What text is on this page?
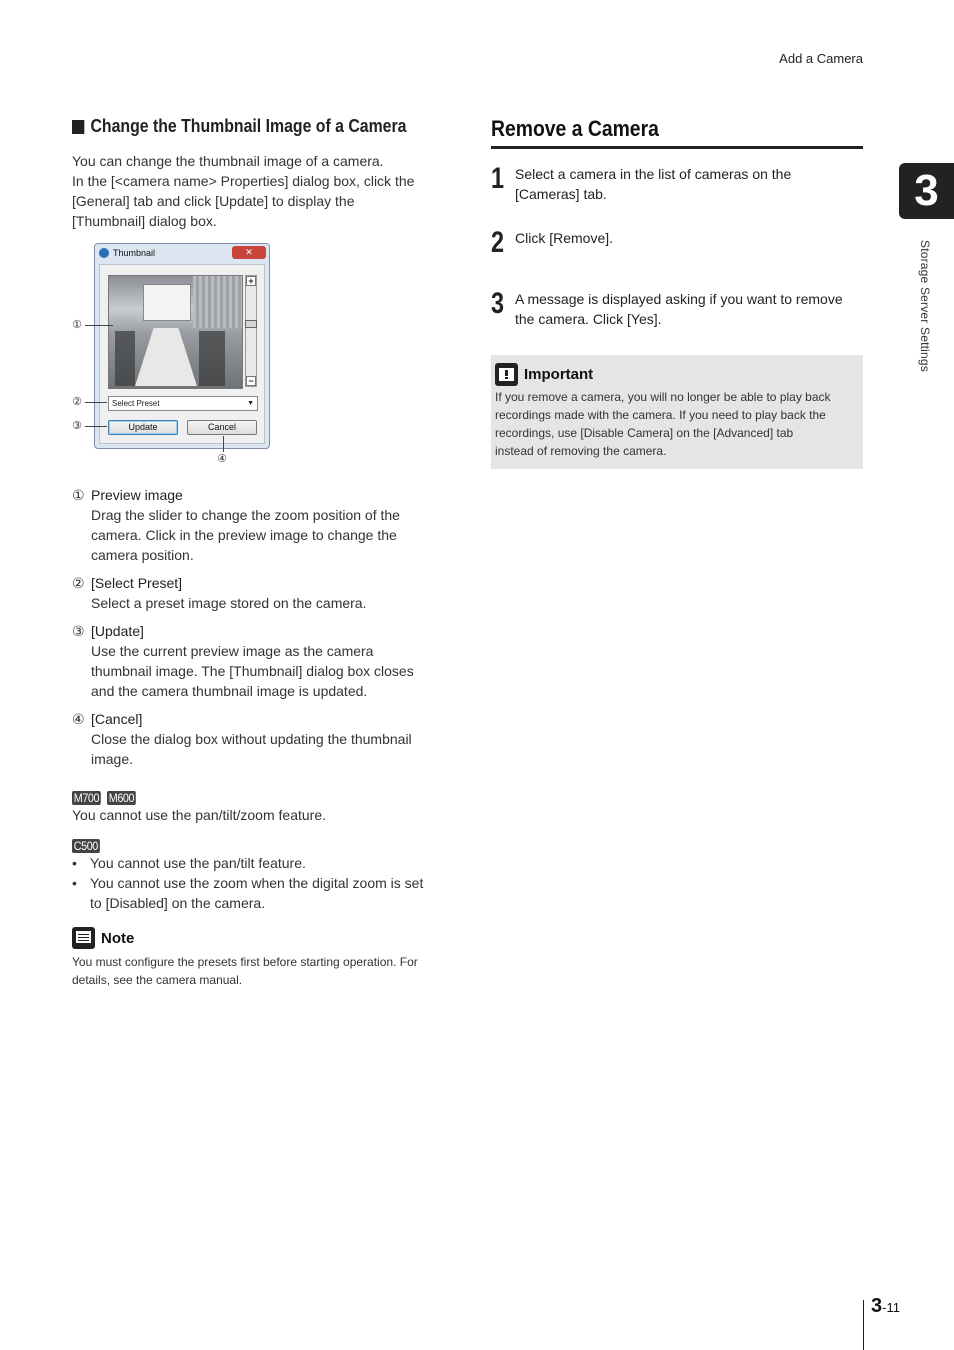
Add a Camera
3
Storage Server Settings
Change the Thumbnail Image of a Camera

You can change the thumbnail image of a camera.

In the [<camera name> Properties] dialog box, click the

[General] tab and click [Update] to display the

[Thumbnail] dialog box.

Thumbnail	✕
+
−
Select Preset	▼
Update	Cancel
①
②
③
④
① Preview image
Drag the slider to change the zoom position of the
camera. Click in the preview image to change the
camera position.
② [Select Preset]
Select a preset image stored on the camera.
③ [Update]
Use the current preview image as the camera
thumbnail image. The [Thumbnail] dialog box closes
and the camera thumbnail image is updated.
④ [Cancel]
Close the dialog box without updating the thumbnail
image.
M700 M600
You cannot use the pan/tilt/zoom feature.
C500
• You cannot use the pan/tilt feature.
• You cannot use the zoom when the digital zoom is set
to [Disabled] on the camera.
Note
You must configure the presets first before starting operation. For
details, see the camera manual.
Remove a Camera
1 Select a camera in the list of cameras on the
[Cameras] tab.
2 Click [Remove].
3 A message is displayed asking if you want to remove
the camera. Click [Yes].
Important
If you remove a camera, you will no longer be able to play back
recordings made with the camera. If you need to play back the
recordings, use [Disable Camera] on the [Advanced] tab
instead of removing the camera.
3-11
